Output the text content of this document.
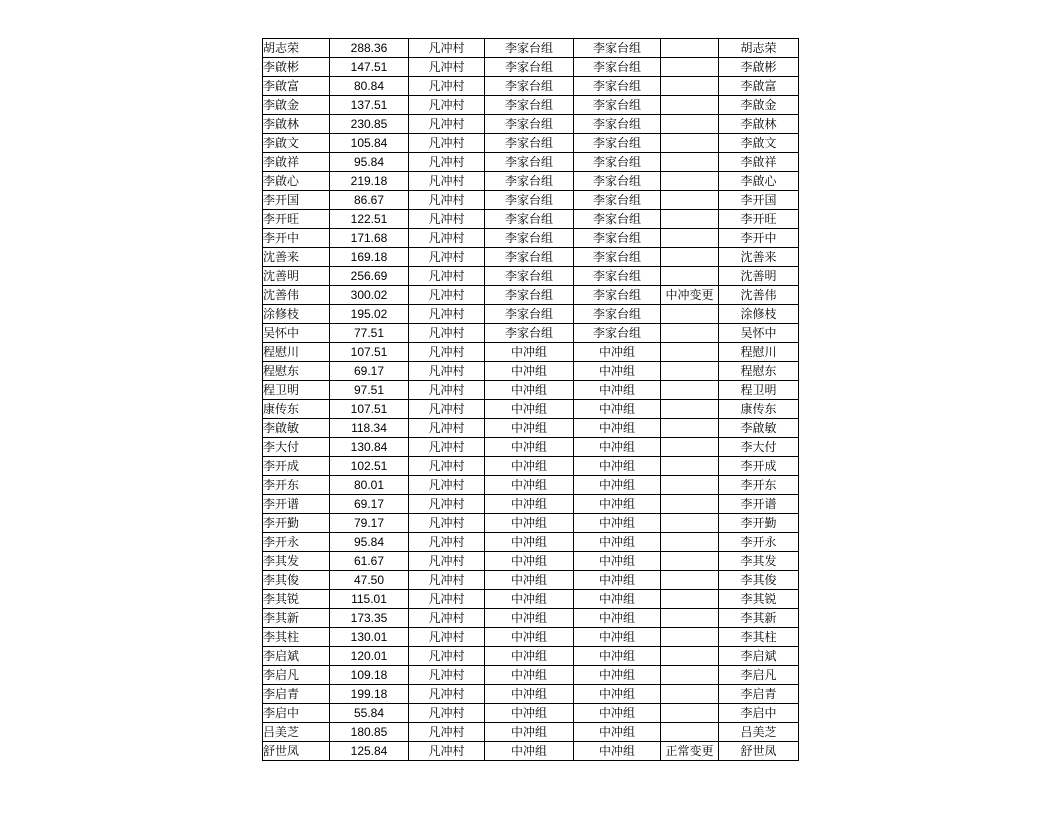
胡志荣	288.36	凡冲村	李家台组	李家台组		胡志荣
李啟彬	147.51	凡冲村	李家台组	李家台组		李啟彬
李啟富	80.84	凡冲村	李家台组	李家台组		李啟富
李啟金	137.51	凡冲村	李家台组	李家台组		李啟金
李啟林	230.85	凡冲村	李家台组	李家台组		李啟林
李啟文	105.84	凡冲村	李家台组	李家台组		李啟文
李啟祥	95.84	凡冲村	李家台组	李家台组		李啟祥
李啟心	219.18	凡冲村	李家台组	李家台组		李啟心
李开国	86.67	凡冲村	李家台组	李家台组		李开国
李开旺	122.51	凡冲村	李家台组	李家台组		李开旺
李开中	171.68	凡冲村	李家台组	李家台组		李开中
沈善来	169.18	凡冲村	李家台组	李家台组		沈善来
沈善明	256.69	凡冲村	李家台组	李家台组		沈善明
沈善伟	300.02	凡冲村	李家台组	李家台组	中冲变更	沈善伟
涂修枝	195.02	凡冲村	李家台组	李家台组		涂修枝
吴怀中	77.51	凡冲村	李家台组	李家台组		吴怀中
程慰川	107.51	凡冲村	中冲组	中冲组		程慰川
程慰东	69.17	凡冲村	中冲组	中冲组		程慰东
程卫明	97.51	凡冲村	中冲组	中冲组		程卫明
康传东	107.51	凡冲村	中冲组	中冲组		康传东
李啟敏	118.34	凡冲村	中冲组	中冲组		李啟敏
李大付	130.84	凡冲村	中冲组	中冲组		李大付
李开成	102.51	凡冲村	中冲组	中冲组		李开成
李开东	80.01	凡冲村	中冲组	中冲组		李开东
李开谱	69.17	凡冲村	中冲组	中冲组		李开谱
李开勤	79.17	凡冲村	中冲组	中冲组		李开勤
李开永	95.84	凡冲村	中冲组	中冲组		李开永
李其发	61.67	凡冲村	中冲组	中冲组		李其发
李其俊	47.50	凡冲村	中冲组	中冲组		李其俊
李其锐	115.01	凡冲村	中冲组	中冲组		李其锐
李其新	173.35	凡冲村	中冲组	中冲组		李其新
李其柱	130.01	凡冲村	中冲组	中冲组		李其柱
李启斌	120.01	凡冲村	中冲组	中冲组		李启斌
李启凡	109.18	凡冲村	中冲组	中冲组		李启凡
李启青	199.18	凡冲村	中冲组	中冲组		李启青
李启中	55.84	凡冲村	中冲组	中冲组		李启中
吕美芝	180.85	凡冲村	中冲组	中冲组		吕美芝
舒世凤	125.84	凡冲村	中冲组	中冲组	正常变更	舒世凤
